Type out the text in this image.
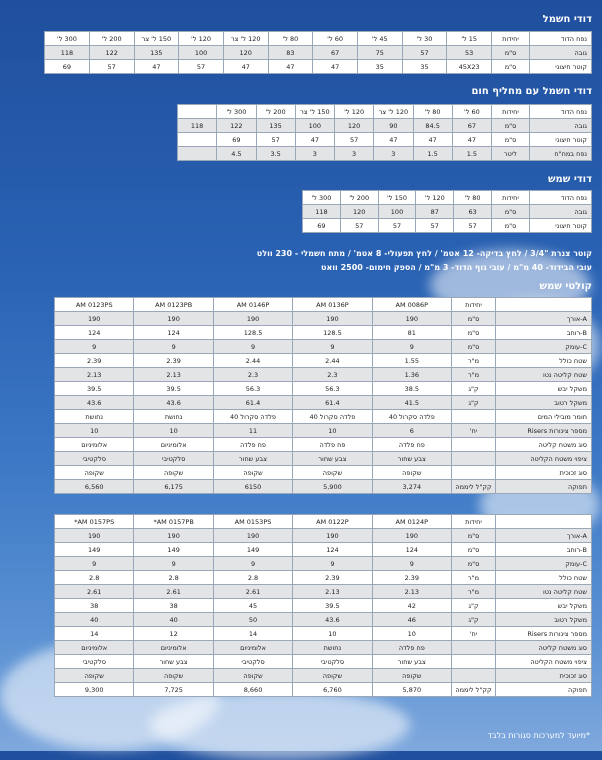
דודי חשמל
נפח הדוד	יחידות	15 ל'	30 ל'	45 ל'	60 ל'	80 ל'	120 ל' צר	120 ל'	150 ל' צר	200 ל'	300 ל'
גובה	ס"מ	53	57	75	67	83	120	100	135	122	118
קוטר חיצוני	ס"מ	45X23	35	35	47	47	47	57	47	57	69
דודי חשמל עם מחליף חום
נפח הדוד	יחידות	60 ל'	80 ל'	120 ל' צר	120 ל'	150 ל' צר	200 ל'	300 ל'	
גובה	ס"מ	67	84.5	90	120	100	135	122	118
קוטר חיצוני	ס"מ	47	47	47	57	47	57	69	
נפח במח"ח	ליטר	1.5	1.5	3	3	3	3.5	4.5	
דודי שמש
נפח הדוד	יחידות	80 ל'	120 ל'	150 ל'	200 ל'	300 ל'
גובה	ס"מ	63	87	100	120	118
קוטר חיצוני	ס"מ	57	57	57	57	69
קוטר צנרת "3/4 / לחץ בדיקה- 12 אטמ' / לחץ תפעולי- 8 אטמ' / מתח חשמלי - 230 וולט
עובי הבידוד- 40 מ"מ / עובי גוף הדוד- 3 מ"מ / הספק חימום- 2500 וואט
קולטי שמש
	יחידות	AM 0086P	AM 0136P	AM 0146P	AM 0123PB	AM 0123PS
A-אורך	ס"מ	190	190	190	190	190
B-רוחב	ס"מ	81	128.5	128.5	124	124
C-עומק	ס"מ	9	9	9	9	9
שטח כולל	מ"ר	1.55	2.44	2.44	2.39	2.39
שטח קליטה נטו	מ"ר	1.36	2.3	2.3	2.13	2.13
משקל יבש	ק"ג	38.5	56.3	56.3	39.5	39.5
משקל רטוב	ק"ג	41.5	61.4	61.4	43.6	43.6
חומר מובילי המים		פלדה סקרול 40	פלדה סקרול 40	פלדה סקרול 40	נחושת	נחושת
מספר צינורות Risers	יח'	6	10	11	10	10
סוג משטח קליטה		פח פלדה	פח פלדה	פח פלדה	אלומיניום	אלומיניום
ציפוי משטח הקליטה		צבע שחור	צבע שחור	צבע שחור	סלקטיבי	סלקטיבי
סוג זכוכית		שקופה	שקופה	שקופה	שקופה	שקופה
תפוקה	קק"ל ליממה	3,274	5,900	6150	6,175	6,560
	יחידות	AM 0124P	AM 0122P	AM 0153PS	AM 0157PB*	AM 0157PS*
A-אורך	ס"מ	190	190	190	190	190
B-רוחב	ס"מ	124	124	149	149	149
C-עומק	ס"מ	9	9	9	9	9
שטח כולל	מ"ר	2.39	2.39	2.8	2.8	2.8
שטח קליטה נטו	מ"ר	2.13	2.13	2.61	2.61	2.61
משקל יבש	ק"ג	42	39.5	45	38	38
משקל רטוב	ק"ג	46	43.6	50	40	40
מספר צינורות Risers	יח'	10	10	14	12	14
סוג משטח קליטה		פח פלדה	נחושת	אלומיניום	אלומיניום	אלומיניום
ציפוי משטח הקליטה		צבע שחור	סלקטיבי	סלקטיבי	צבע שחור	סלקטיבי
סוג זכוכית		שקופה	שקופה	שקופה	שקופה	שקופה
תפוקה	קק"ל ליממה	5,870	6,760	8,660	7,725	9,300
*מיועד למערכות סגורות בלבד
